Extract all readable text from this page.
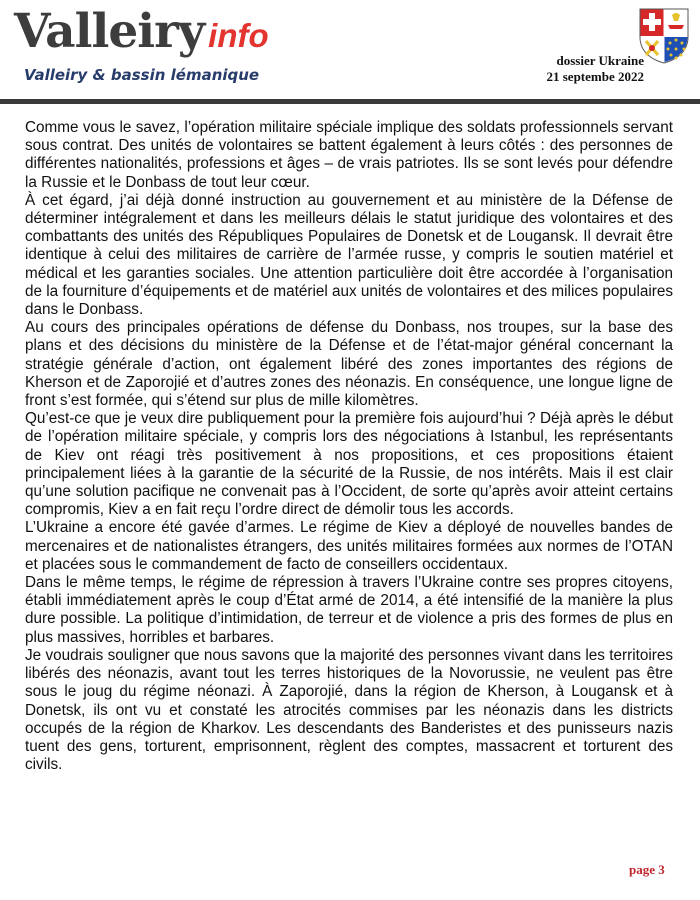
Valleiry info
Valleiry & bassin lémanique
dossier Ukraine
21 septembe 2022

Comme vous le savez, l’opération militaire spéciale implique des soldats professionnels servant sous contrat. Des unités de volontaires se battent également à leurs côtés : des personnes de différentes nationalités, professions et âges – de vrais patriotes. Ils se sont levés pour défendre la Russie et le Donbass de tout leur cœur.

À cet égard, j’ai déjà donné instruction au gouvernement et au ministère de la Défense de déterminer intégralement et dans les meilleurs délais le statut juridique des volontaires et des combattants des unités des Républiques Populaires de Donetsk et de Lougansk. Il devrait être identique à celui des militaires de carrière de l’armée russe, y compris le soutien matériel et médical et les garanties sociales. Une attention particulière doit être accordée à l’organisation de la fourniture d’équipements et de matériel aux unités de volontaires et des milices populaires dans le Donbass.

Au cours des principales opérations de défense du Donbass, nos troupes, sur la base des plans et des décisions du ministère de la Défense et de l’état-major général concernant la stratégie générale d’action, ont également libéré des zones importantes des régions de Kherson et de Zaporojié et d’autres zones des néonazis. En conséquence, une longue ligne de front s’est formée, qui s’étend sur plus de mille kilomètres.

Qu’est-ce que je veux dire publiquement pour la première fois aujourd’hui ? Déjà après le début de l’opération militaire spéciale, y compris lors des négociations à Istanbul, les représentants de Kiev ont réagi très positivement à nos propositions, et ces propositions étaient principalement liées à la garantie de la sécurité de la Russie, de nos intérêts. Mais il est clair qu’une solution pacifique ne convenait pas à l’Occident, de sorte qu’après avoir atteint certains compromis, Kiev a en fait reçu l’ordre direct de démolir tous les accords.

L’Ukraine a encore été gavée d’armes. Le régime de Kiev a déployé de nouvelles bandes de mercenaires et de nationalistes étrangers, des unités militaires formées aux normes de l’OTAN et placées sous le commandement de facto de conseillers occidentaux.

Dans le même temps, le régime de répression à travers l’Ukraine contre ses propres citoyens, établi immédiatement après le coup d’État armé de 2014, a été intensifié de la manière la plus dure possible. La politique d’intimidation, de terreur et de violence a pris des formes de plus en plus massives, horribles et barbares.

Je voudrais souligner que nous savons que la majorité des personnes vivant dans les territoires libérés des néonazis, avant tout les terres historiques de la Novorussie, ne veulent pas être sous le joug du régime néonazi. À Zaporojié, dans la région de Kherson, à Lougansk et à Donetsk, ils ont vu et constaté les atrocités commises par les néonazis dans les districts occupés de la région de Kharkov. Les descendants des Banderistes et des punisseurs nazis tuent des gens, torturent, emprisonnent, règlent des comptes, massacrent et torturent des civils.

page 3
